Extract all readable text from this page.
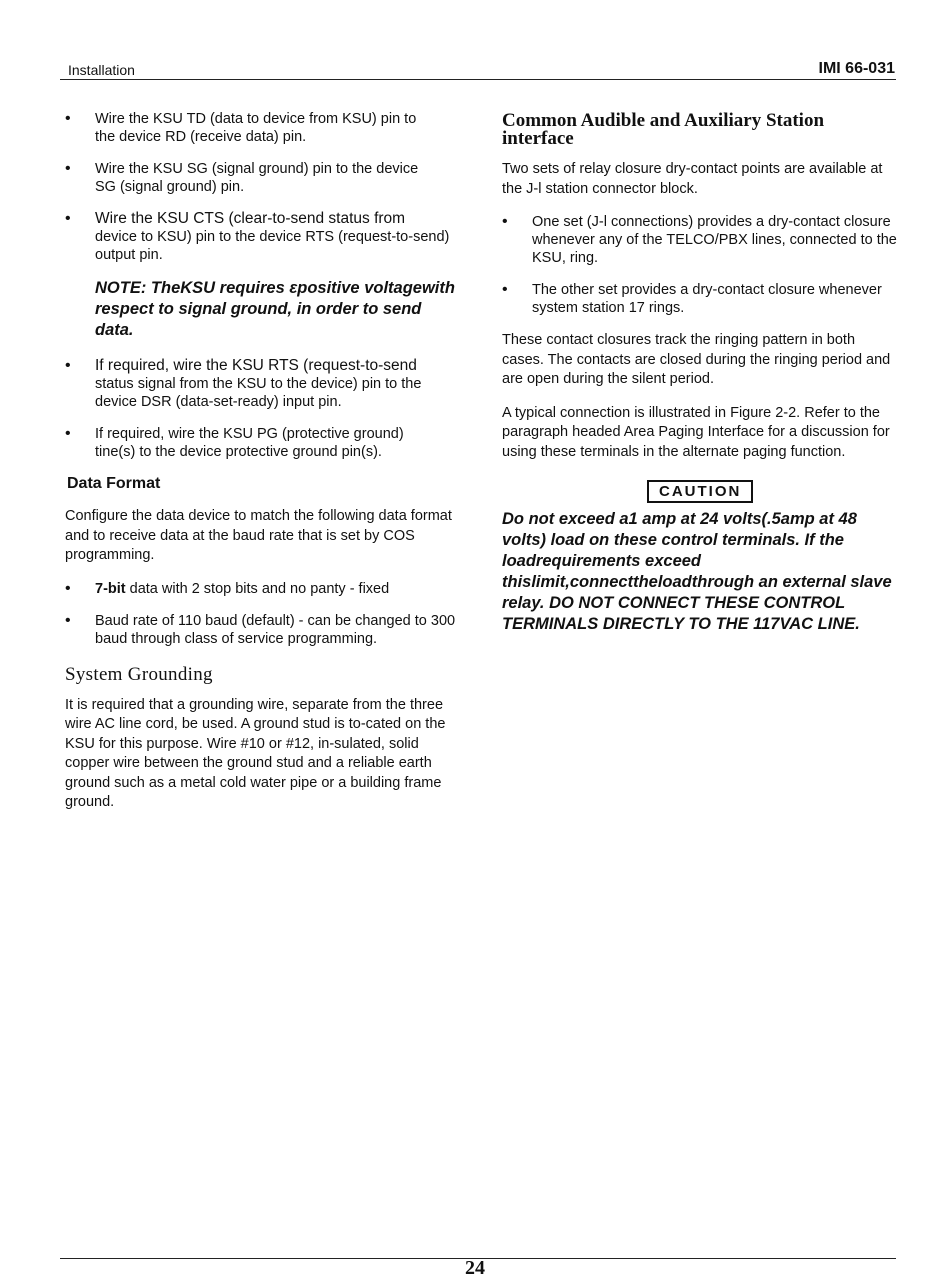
Installation	IMI 66-031
• Wire the KSU TD (data to device from KSU) pin to
the device RD (receive data) pin.
• Wire the KSU SG (signal ground) pin to the device
SG (signal ground) pin.
• Wire the KSU CTS (clear-to-send status from
device to KSU) pin to the device RTS (request-to-send) output pin.
NOTE: TheKSU requires εpositive voltagewith respect to signal ground, in order to send data.
• If required, wire the KSU RTS (request-to-send
status signal from the KSU to the device) pin to the device DSR (data-set-ready) input pin.
• If required, wire the KSU PG (protective ground)
tine(s) to the device protective ground pin(s).
Data Format
Configure the data device to match the following data format and to receive data at the baud rate that is set by COS programming.
• 7-bit data with 2 stop bits and no panty - fixed
• Baud rate of 110 baud (default) - can be changed to 300 baud through class of service programming.
System Grounding
It is required that a grounding wire, separate from the three wire AC line cord, be used. A ground stud is to-cated on the KSU for this purpose. Wire #10 or #12, in-sulated, solid copper wire between the ground stud and a reliable earth ground such as a metal cold water pipe or a building frame ground.
Common Audible and Auxiliary Station interface
Two sets of relay closure dry-contact points are available at the J-l station connector block.
• One set (J-l connections) provides a dry-contact closure whenever any of the TELCO/PBX lines, connected to the KSU, ring.
• The other set provides a dry-contact closure whenever system station 17 rings.
These contact closures track the ringing pattern in both cases. The contacts are closed during the ringing period and are open during the silent period.
A typical connection is illustrated in Figure 2-2. Refer to the paragraph headed Area Paging Interface for a discussion for using these terminals in the alternate paging function.
CAUTION
Do not exceed a1 amp at 24 volts(.5amp at 48 volts) load on these control terminals. If the loadrequirements exceed thislimit,connecttheloadthrough an external slave relay. DO NOT CONNECT THESE CONTROL TERMINALS DIRECTLY TO THE 117VAC LINE.
24
